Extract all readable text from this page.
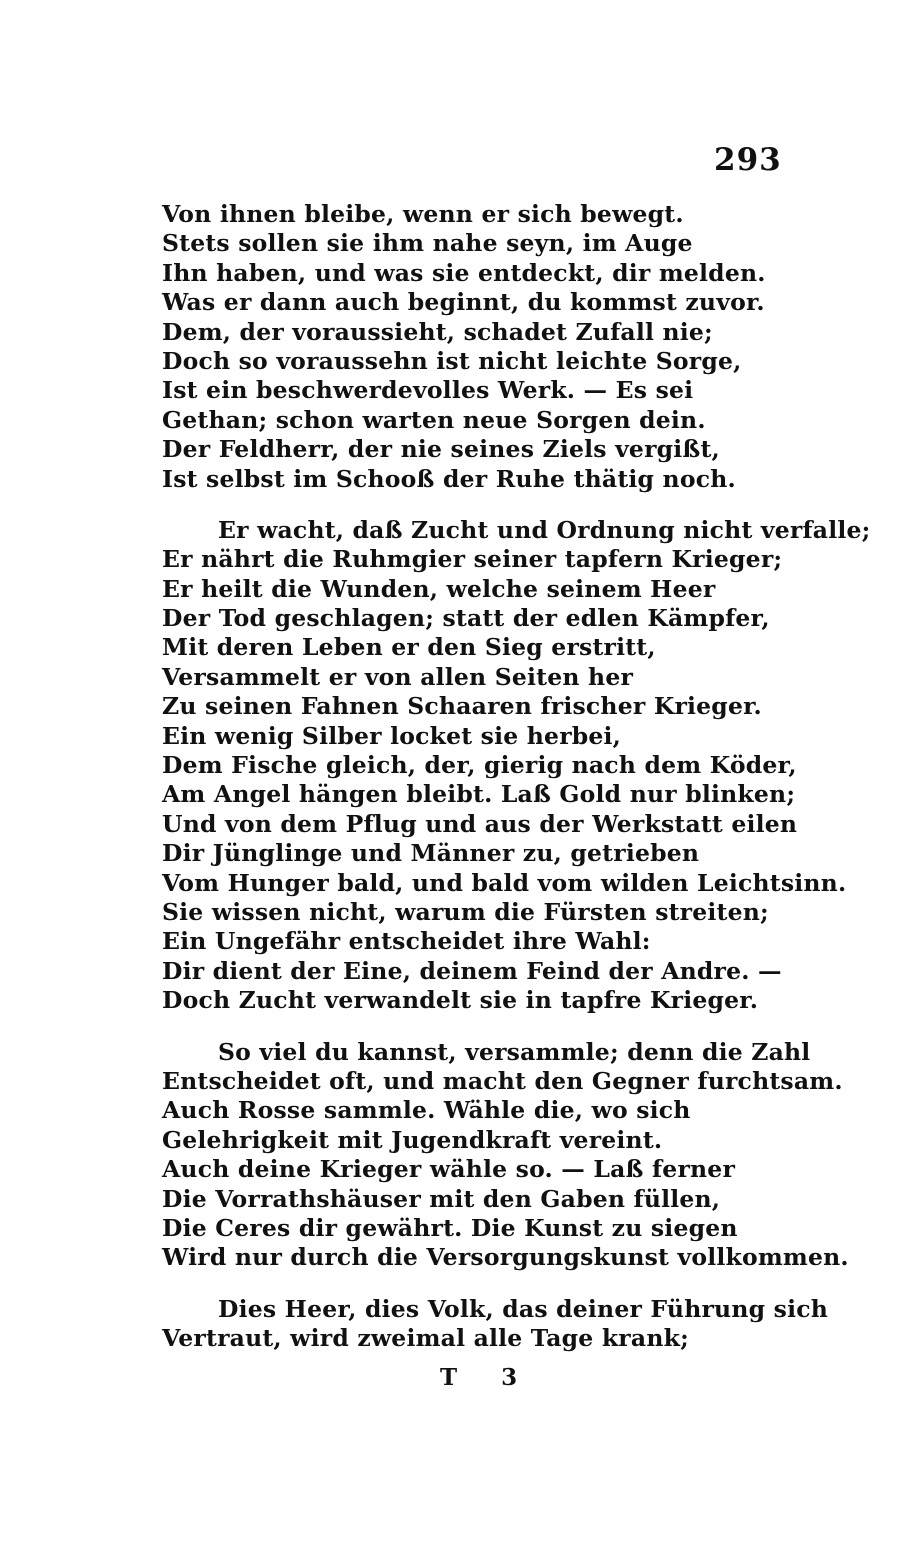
293
Von ihnen bleibe, wenn er sich bewegt.
Stets sollen sie ihm nahe seyn, im Auge
Ihn haben, und was sie entdeckt, dir melden.
Was er dann auch beginnt, du kommst zuvor.
Dem, der voraussieht, schadet Zufall nie;
Doch so voraussehn ist nicht leichte Sorge,
Ist ein beschwerdevolles Werk. — Es sei
Gethan; schon warten neue Sorgen dein.
Der Feldherr, der nie seines Ziels vergißt,
Ist selbst im Schooß der Ruhe thätig noch.
Er wacht, daß Zucht und Ordnung nicht verfalle;
Er nährt die Ruhmgier seiner tapfern Krieger;
Er heilt die Wunden, welche seinem Heer
Der Tod geschlagen; statt der edlen Kämpfer,
Mit deren Leben er den Sieg erstritt,
Versammelt er von allen Seiten her
Zu seinen Fahnen Schaaren frischer Krieger.
Ein wenig Silber locket sie herbei,
Dem Fische gleich, der, gierig nach dem Köder,
Am Angel hängen bleibt. Laß Gold nur blinken;
Und von dem Pflug und aus der Werkstatt eilen
Dir Jünglinge und Männer zu, getrieben
Vom Hunger bald, und bald vom wilden Leichtsinn.
Sie wissen nicht, warum die Fürsten streiten;
Ein Ungefähr entscheidet ihre Wahl:
Dir dient der Eine, deinem Feind der Andre. —
Doch Zucht verwandelt sie in tapfre Krieger.
So viel du kannst, versammle; denn die Zahl
Entscheidet oft, und macht den Gegner furchtsam.
Auch Rosse sammle. Wähle die, wo sich
Gelehrigkeit mit Jugendkraft vereint.
Auch deine Krieger wähle so. — Laß ferner
Die Vorrathshäuser mit den Gaben füllen,
Die Ceres dir gewährt. Die Kunst zu siegen
Wird nur durch die Versorgungskunst vollkommen.
Dies Heer, dies Volk, das deiner Führung sich
Vertraut, wird zweimal alle Tage krank;
T 3
